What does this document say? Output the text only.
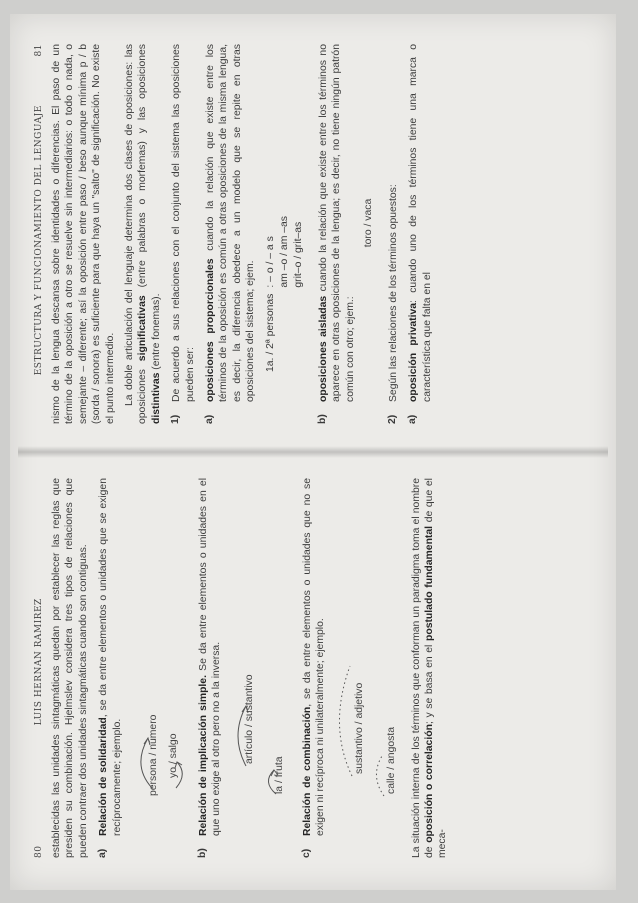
80
LUIS HERNAN RAMIREZ establecidas las unidades sintagmáticas quedan por establecer las reglas que presiden su combinación. Hjelmslev considera tres tipos de relaciones que pueden contraer dos unidades sintagmáticas cuando son contiguas. a)

Relación de solidaridad, se da entre elementos o unidades que se exigen recíprocamente; ejemplo. persona / número yo / salgo
b)

Relación de implicación simple. Se da entre elementos o unidades en el que uno exige al otro pero no a la inversa. artículo / sustantivo
la / fruta
c)

Relación de combinación, se da entre elementos o unidades que no se exigen ni recíproca ni unilateralmente; ejemplo.	sustantivo / adjetivo calle / angosta La situación interna de los términos que conforman un paradigma toma el nombre de oposición o correlación; y se basa en el postulado fundamental de que el meca-

ESTRUCTURA Y FUNCIONAMIENTO DEL LENGUAJE
81 nismo de la lengua descansa sobre identidades o diferencias. El paso de un término de la oposición a otro se resuelve sin intermediarios: o todo o nada, o semejante – diferente; así la oposición entre paso / beso aunque mínima p / b (sorda / sonora) es suficiente para que haya un "salto" de significación. No existe el punto intermedio. La doble articulación del lenguaje determina dos clases de oposiciones: las oposiciones significativas (entre palabras o morfemas) y las oposiciones distintivas (entre fonemas).

1)

De acuerdo a sus relaciones con el conjunto del sistema las oposiciones pueden ser:

a)

oposiciones proporcionales cuando la relación que existe entre los términos de la oposición es común a otras oposiciones de la misma lengua, es decir, la diferencia obedece a un modelo que se repite en otras oposiciones del sistema; ejem. 1a. / 2ª personas	: – o / – a s
	am –o / am –as
	grit–o / grit–as
b)

oposiciones aisladas cuando la relación que existe entre los términos no aparece en otras oposiciones de la lengua; es decir, no tiene ningún patrón común con otro; ejem.:

toro / vaca

2)

Según las relaciones de los términos opuestos:

a)

oposición privativa: cuando uno de los términos tiene una marca o característica que falta en el
